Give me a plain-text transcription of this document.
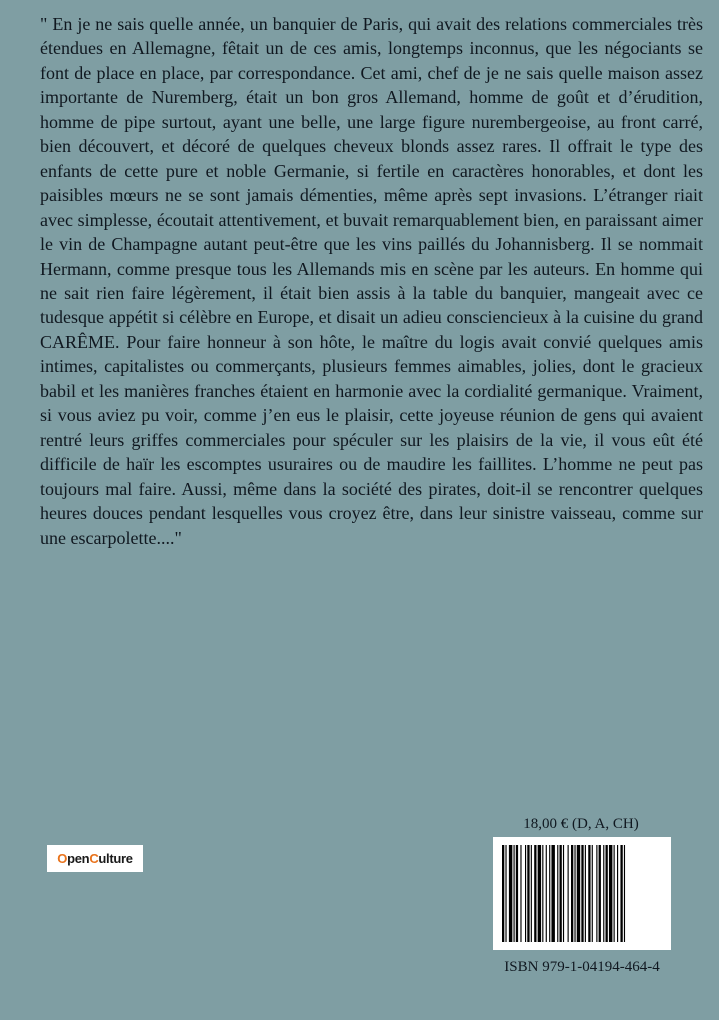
" En je ne sais quelle année, un banquier de Paris, qui avait des relations commerciales très étendues en Allemagne, fêtait un de ces amis, longtemps inconnus, que les négociants se font de place en place, par correspondance. Cet ami, chef de je ne sais quelle maison assez importante de Nuremberg, était un bon gros Allemand, homme de goût et d’érudition, homme de pipe surtout, ayant une belle, une large figure nurembergeoise, au front carré, bien découvert, et décoré de quelques cheveux blonds assez rares. Il offrait le type des enfants de cette pure et noble Germanie, si fertile en caractères honorables, et dont les paisibles mœurs ne se sont jamais démenties, même après sept invasions. L’étranger riait avec simplesse, écoutait attentivement, et buvait remarquablement bien, en paraissant aimer le vin de Champagne autant peut-être que les vins paillés du Johannisberg. Il se nommait Hermann, comme presque tous les Allemands mis en scène par les auteurs. En homme qui ne sait rien faire légèrement, il était bien assis à la table du banquier, mangeait avec ce tudesque appétit si célèbre en Europe, et disait un adieu consciencieux à la cuisine du grand CARÊME. Pour faire honneur à son hôte, le maître du logis avait convié quelques amis intimes, capitalistes ou commerçants, plusieurs femmes aimables, jolies, dont le gracieux babil et les manières franches étaient en harmonie avec la cordialité germanique. Vraiment, si vous aviez pu voir, comme j’en eus le plaisir, cette joyeuse réunion de gens qui avaient rentré leurs griffes commerciales pour spéculer sur les plaisirs de la vie, il vous eût été difficile de haïr les escomptes usuraires ou de maudire les faillites. L’homme ne peut pas toujours mal faire. Aussi, même dans la société des pirates, doit-il se rencontrer quelques heures douces pendant lesquelles vous croyez être, dans leur sinistre vaisseau, comme sur une escarpolette...."

18,00 € (D, A, CH)
Open Culture
ISBN 979-1-04194-464-4
